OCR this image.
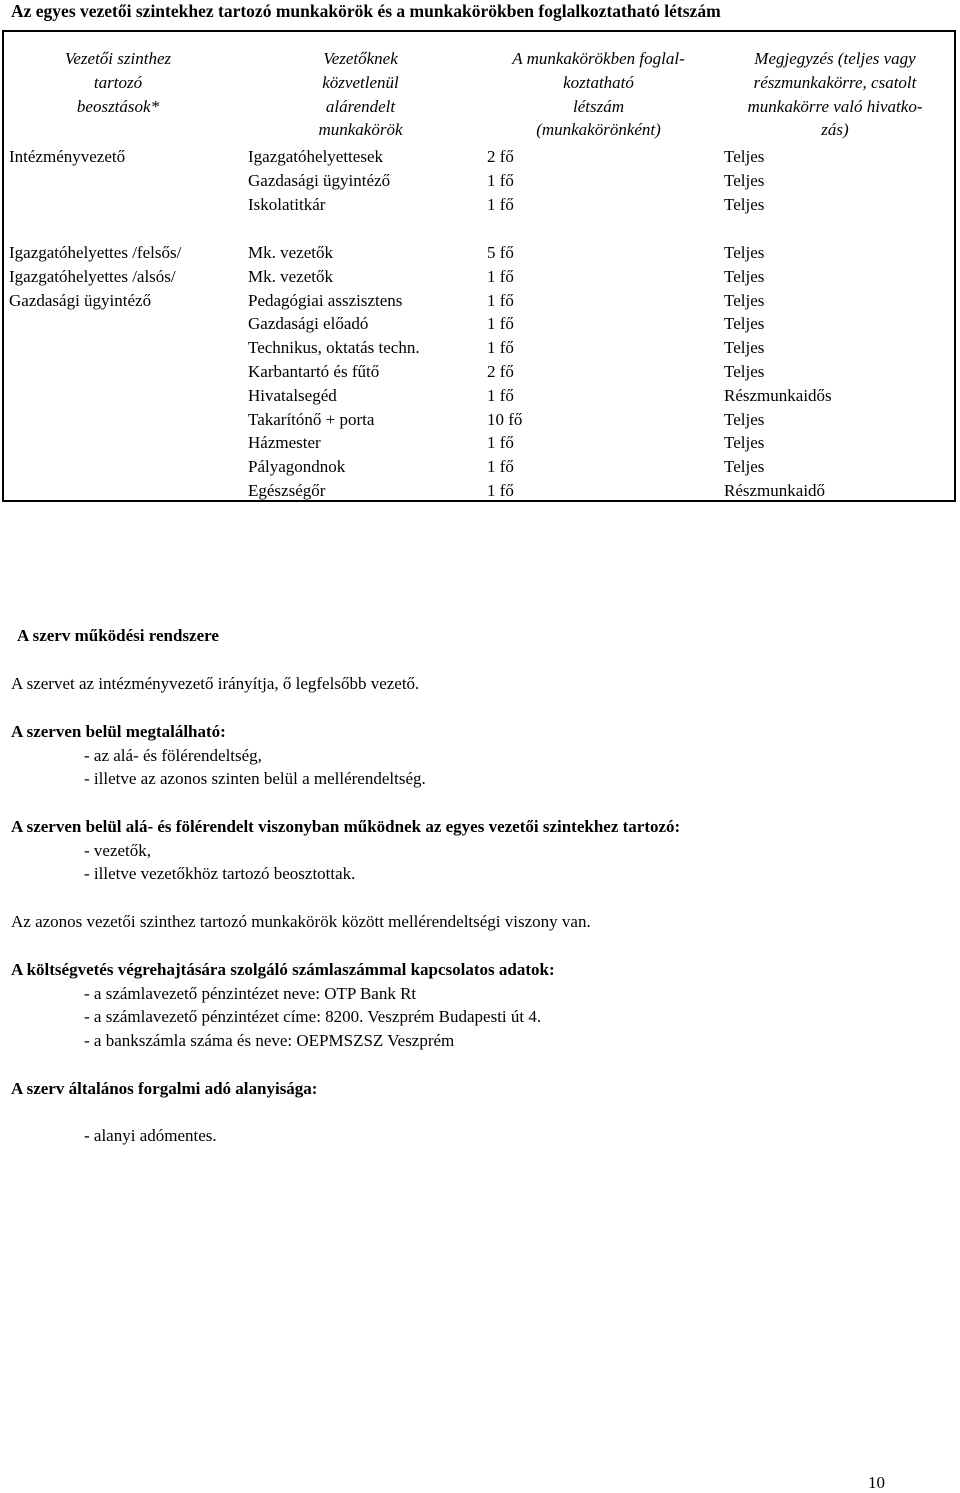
Az egyes vezetői szintekhez tartozó munkakörök és a munkakörökben foglalkoztatható létszám
Vezetői szinthez
tartozó
beosztások*
Vezetőknek
közvetlenül
alárendelt
munkakörök
A munkakörökben foglal-
koztatható
létszám
(munkakörönként)
Megjegyzés (teljes vagy
részmunkakörre, csatolt
munkakörre való hivatko-
zás)
Intézményvezető	Igazgatóhelyettesek
Gazdasági ügyintéző
Iskolatitkár
2 fő
1 fő
1 fő
Teljes
Teljes
Teljes
Igazgatóhelyettes /felsős/
Igazgatóhelyettes /alsós/
Gazdasági ügyintéző
Mk. vezetők
Mk. vezetők
Pedagógiai asszisztens
Gazdasági előadó
Technikus, oktatás techn.
Karbantartó és fűtő
Hivatalsegéd
Takarítónő + porta
Házmester
Pályagondnok
Egészségőr
5 fő
1 fő
1 fő
1 fő
1 fő
2 fő
1 fő
10 fő
1 fő
1 fő
1 fő
Teljes
Teljes
Teljes
Teljes
Teljes
Teljes
Részmunkaidős
Teljes
Teljes
Teljes
Részmunkaidő
A szerv működési rendszere
A szervet az intézményvezető irányítja, ő legfelsőbb vezető.
A szerven belül megtalálható:
- az alá- és fölérendeltség,
- illetve az azonos szinten belül a mellérendeltség.
A szerven belül alá- és fölérendelt viszonyban működnek az egyes vezetői szintekhez tartozó:
- vezetők,
- illetve vezetőkhöz tartozó beosztottak.
Az azonos vezetői szinthez tartozó munkakörök között mellérendeltségi viszony van.
A költségvetés végrehajtására szolgáló számlaszámmal kapcsolatos adatok:
- a számlavezető pénzintézet neve: OTP Bank Rt
- a számlavezető pénzintézet címe: 8200. Veszprém Budapesti út 4.
- a bankszámla száma és neve: OEPMSZSZ Veszprém
A szerv általános forgalmi adó alanyisága:
- alanyi adómentes.
10
